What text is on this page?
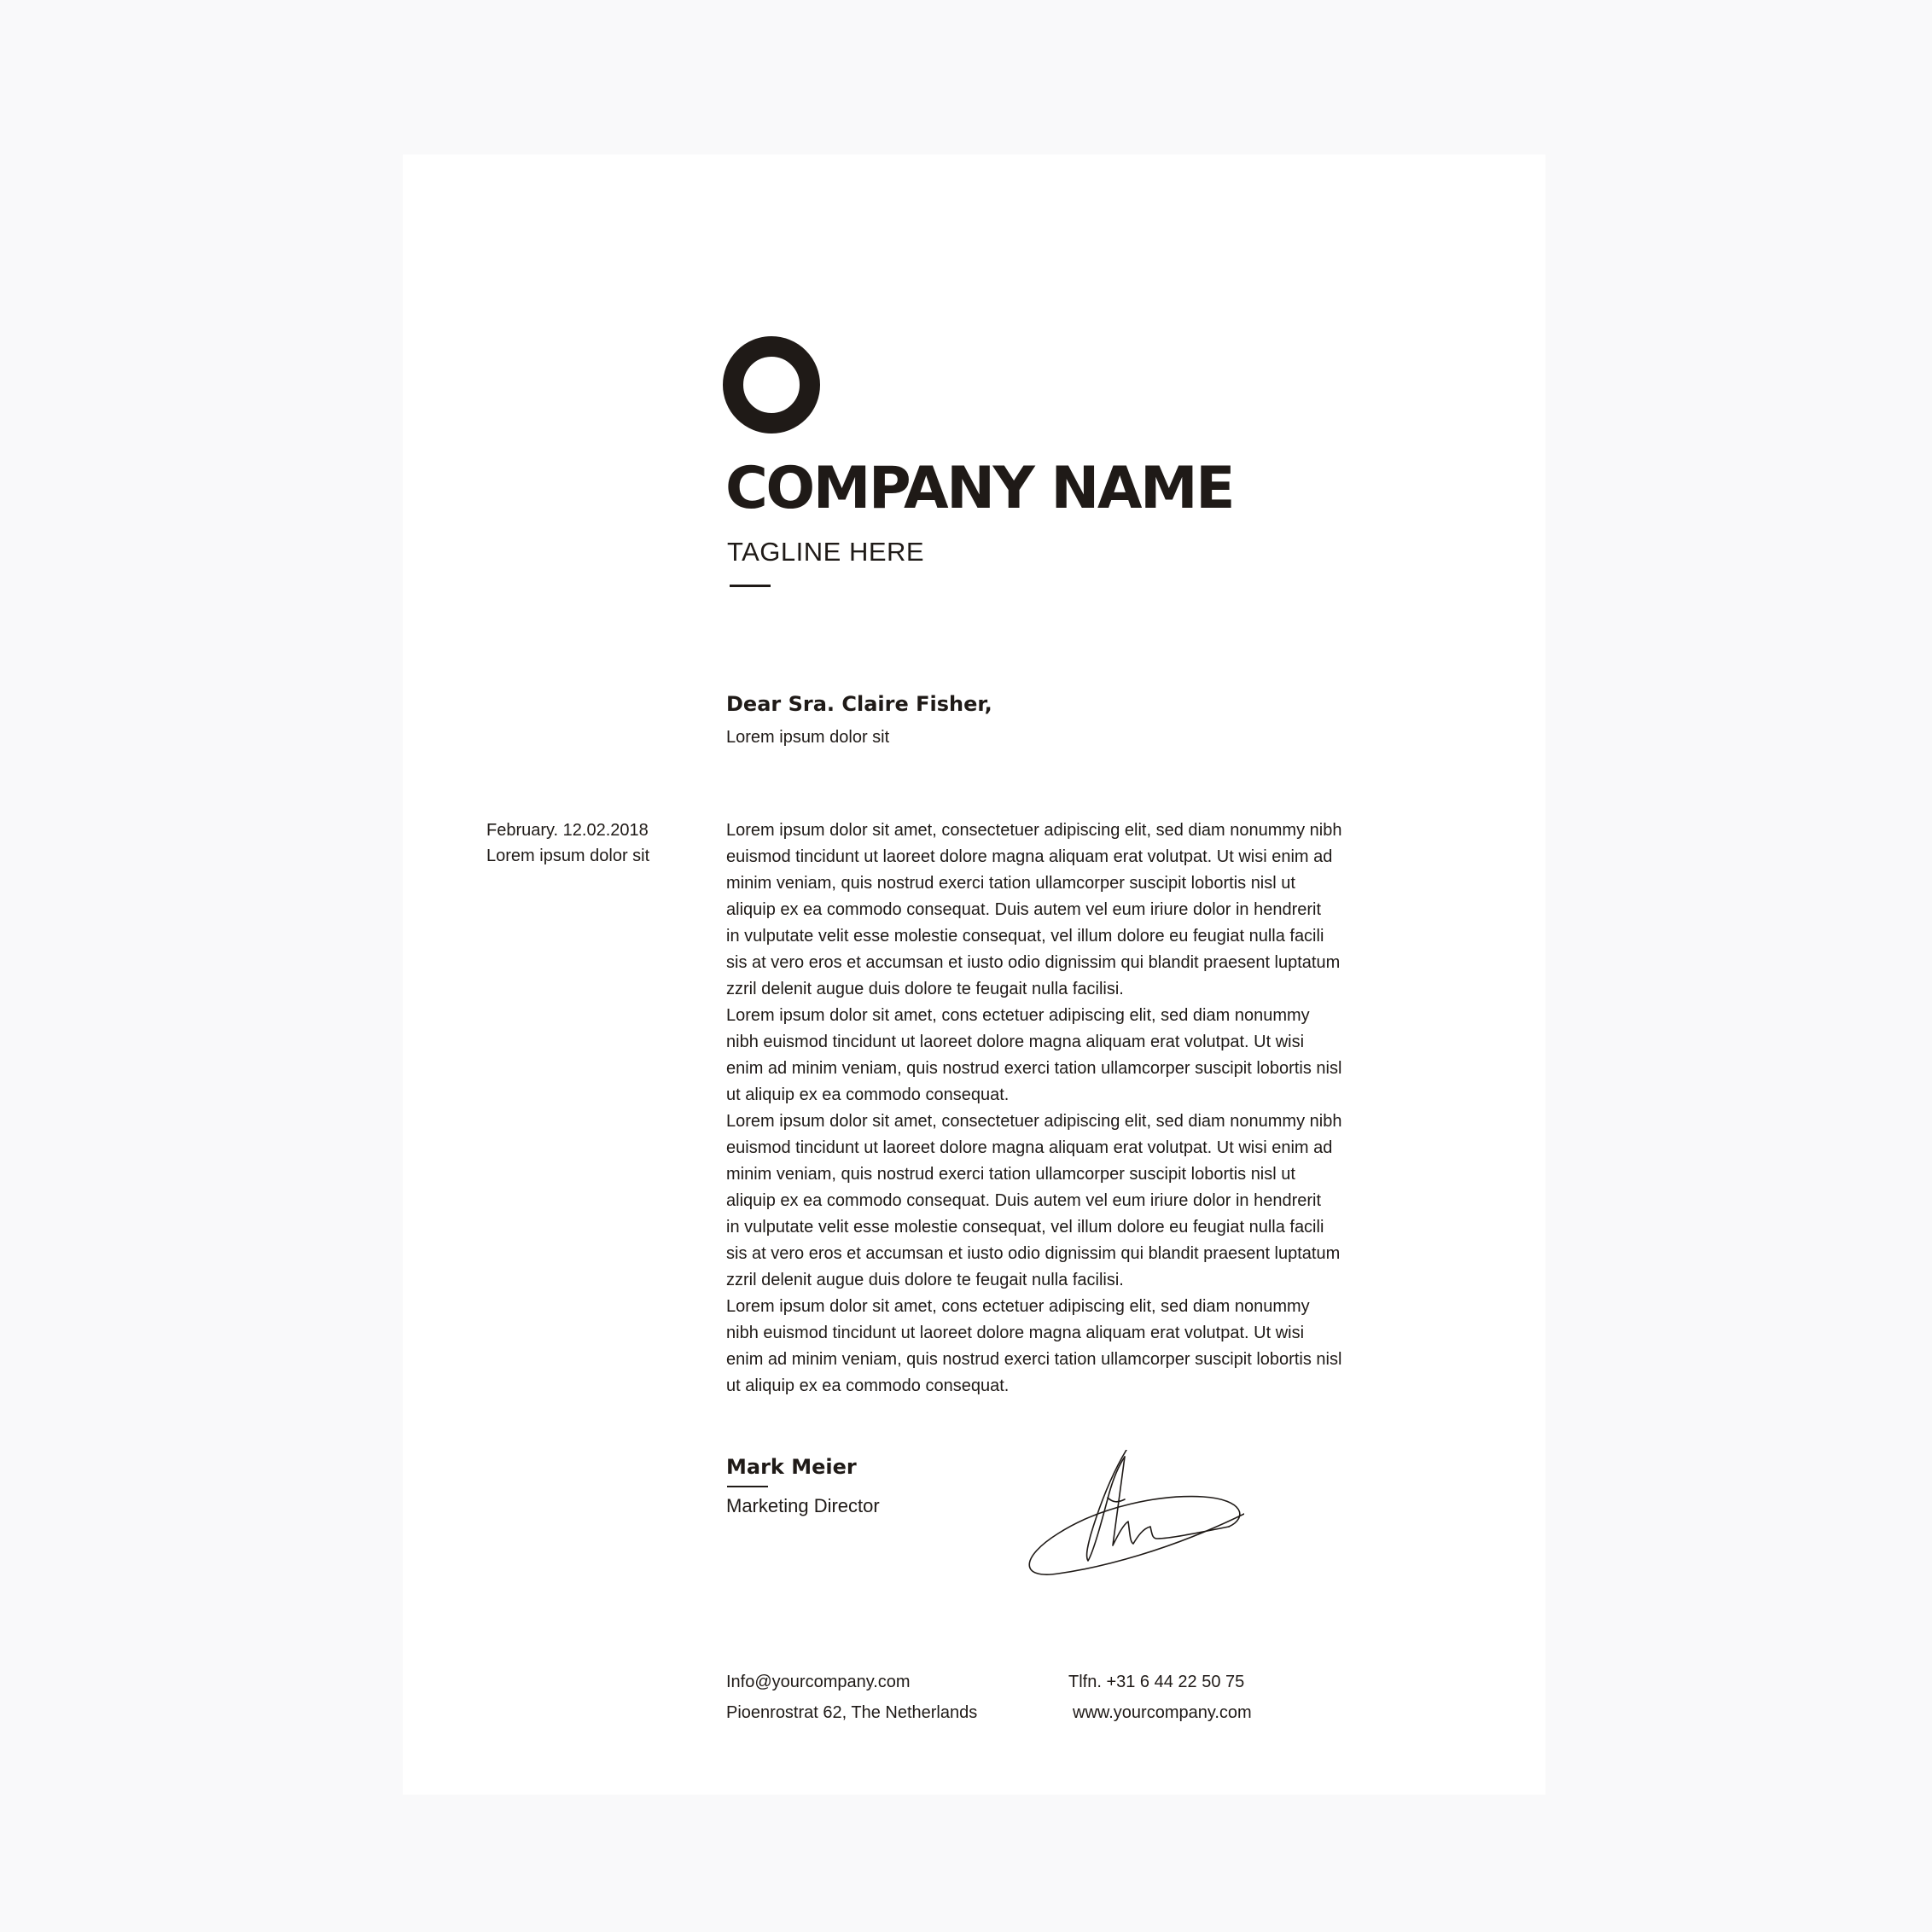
COMPANY NAME
TAGLINE HERE
Dear Sra. Claire Fisher,
Lorem ipsum dolor sit
February. 12.02.2018
Lorem ipsum dolor sit
Lorem ipsum dolor sit amet, consectetuer adipiscing elit, sed diam nonummy nibh
euismod tincidunt ut laoreet dolore magna aliquam erat volutpat. Ut wisi enim ad
minim veniam, quis nostrud exerci tation ullamcorper suscipit lobortis nisl ut
aliquip ex ea commodo consequat. Duis autem vel eum iriure dolor in hendrerit
in vulputate velit esse molestie consequat, vel illum dolore eu feugiat nulla facili
sis at vero eros et accumsan et iusto odio dignissim qui blandit praesent luptatum
zzril delenit augue duis dolore te feugait nulla facilisi.
Lorem ipsum dolor sit amet, cons ectetuer adipiscing elit, sed diam nonummy
nibh euismod tincidunt ut laoreet dolore magna aliquam erat volutpat. Ut wisi
enim ad minim veniam, quis nostrud exerci tation ullamcorper suscipit lobortis nisl
ut aliquip ex ea commodo consequat.
Lorem ipsum dolor sit amet, consectetuer adipiscing elit, sed diam nonummy nibh
euismod tincidunt ut laoreet dolore magna aliquam erat volutpat. Ut wisi enim ad
minim veniam, quis nostrud exerci tation ullamcorper suscipit lobortis nisl ut
aliquip ex ea commodo consequat. Duis autem vel eum iriure dolor in hendrerit
in vulputate velit esse molestie consequat, vel illum dolore eu feugiat nulla facili
sis at vero eros et accumsan et iusto odio dignissim qui blandit praesent luptatum
zzril delenit augue duis dolore te feugait nulla facilisi.
Lorem ipsum dolor sit amet, cons ectetuer adipiscing elit, sed diam nonummy
nibh euismod tincidunt ut laoreet dolore magna aliquam erat volutpat. Ut wisi
enim ad minim veniam, quis nostrud exerci tation ullamcorper suscipit lobortis nisl
ut aliquip ex ea commodo consequat.
Mark Meier
Marketing Director
Info@yourcompany.com
Pioenrostrat 62, The Netherlands
Tlfn. +31 6 44 22 50 75
www.yourcompany.com
